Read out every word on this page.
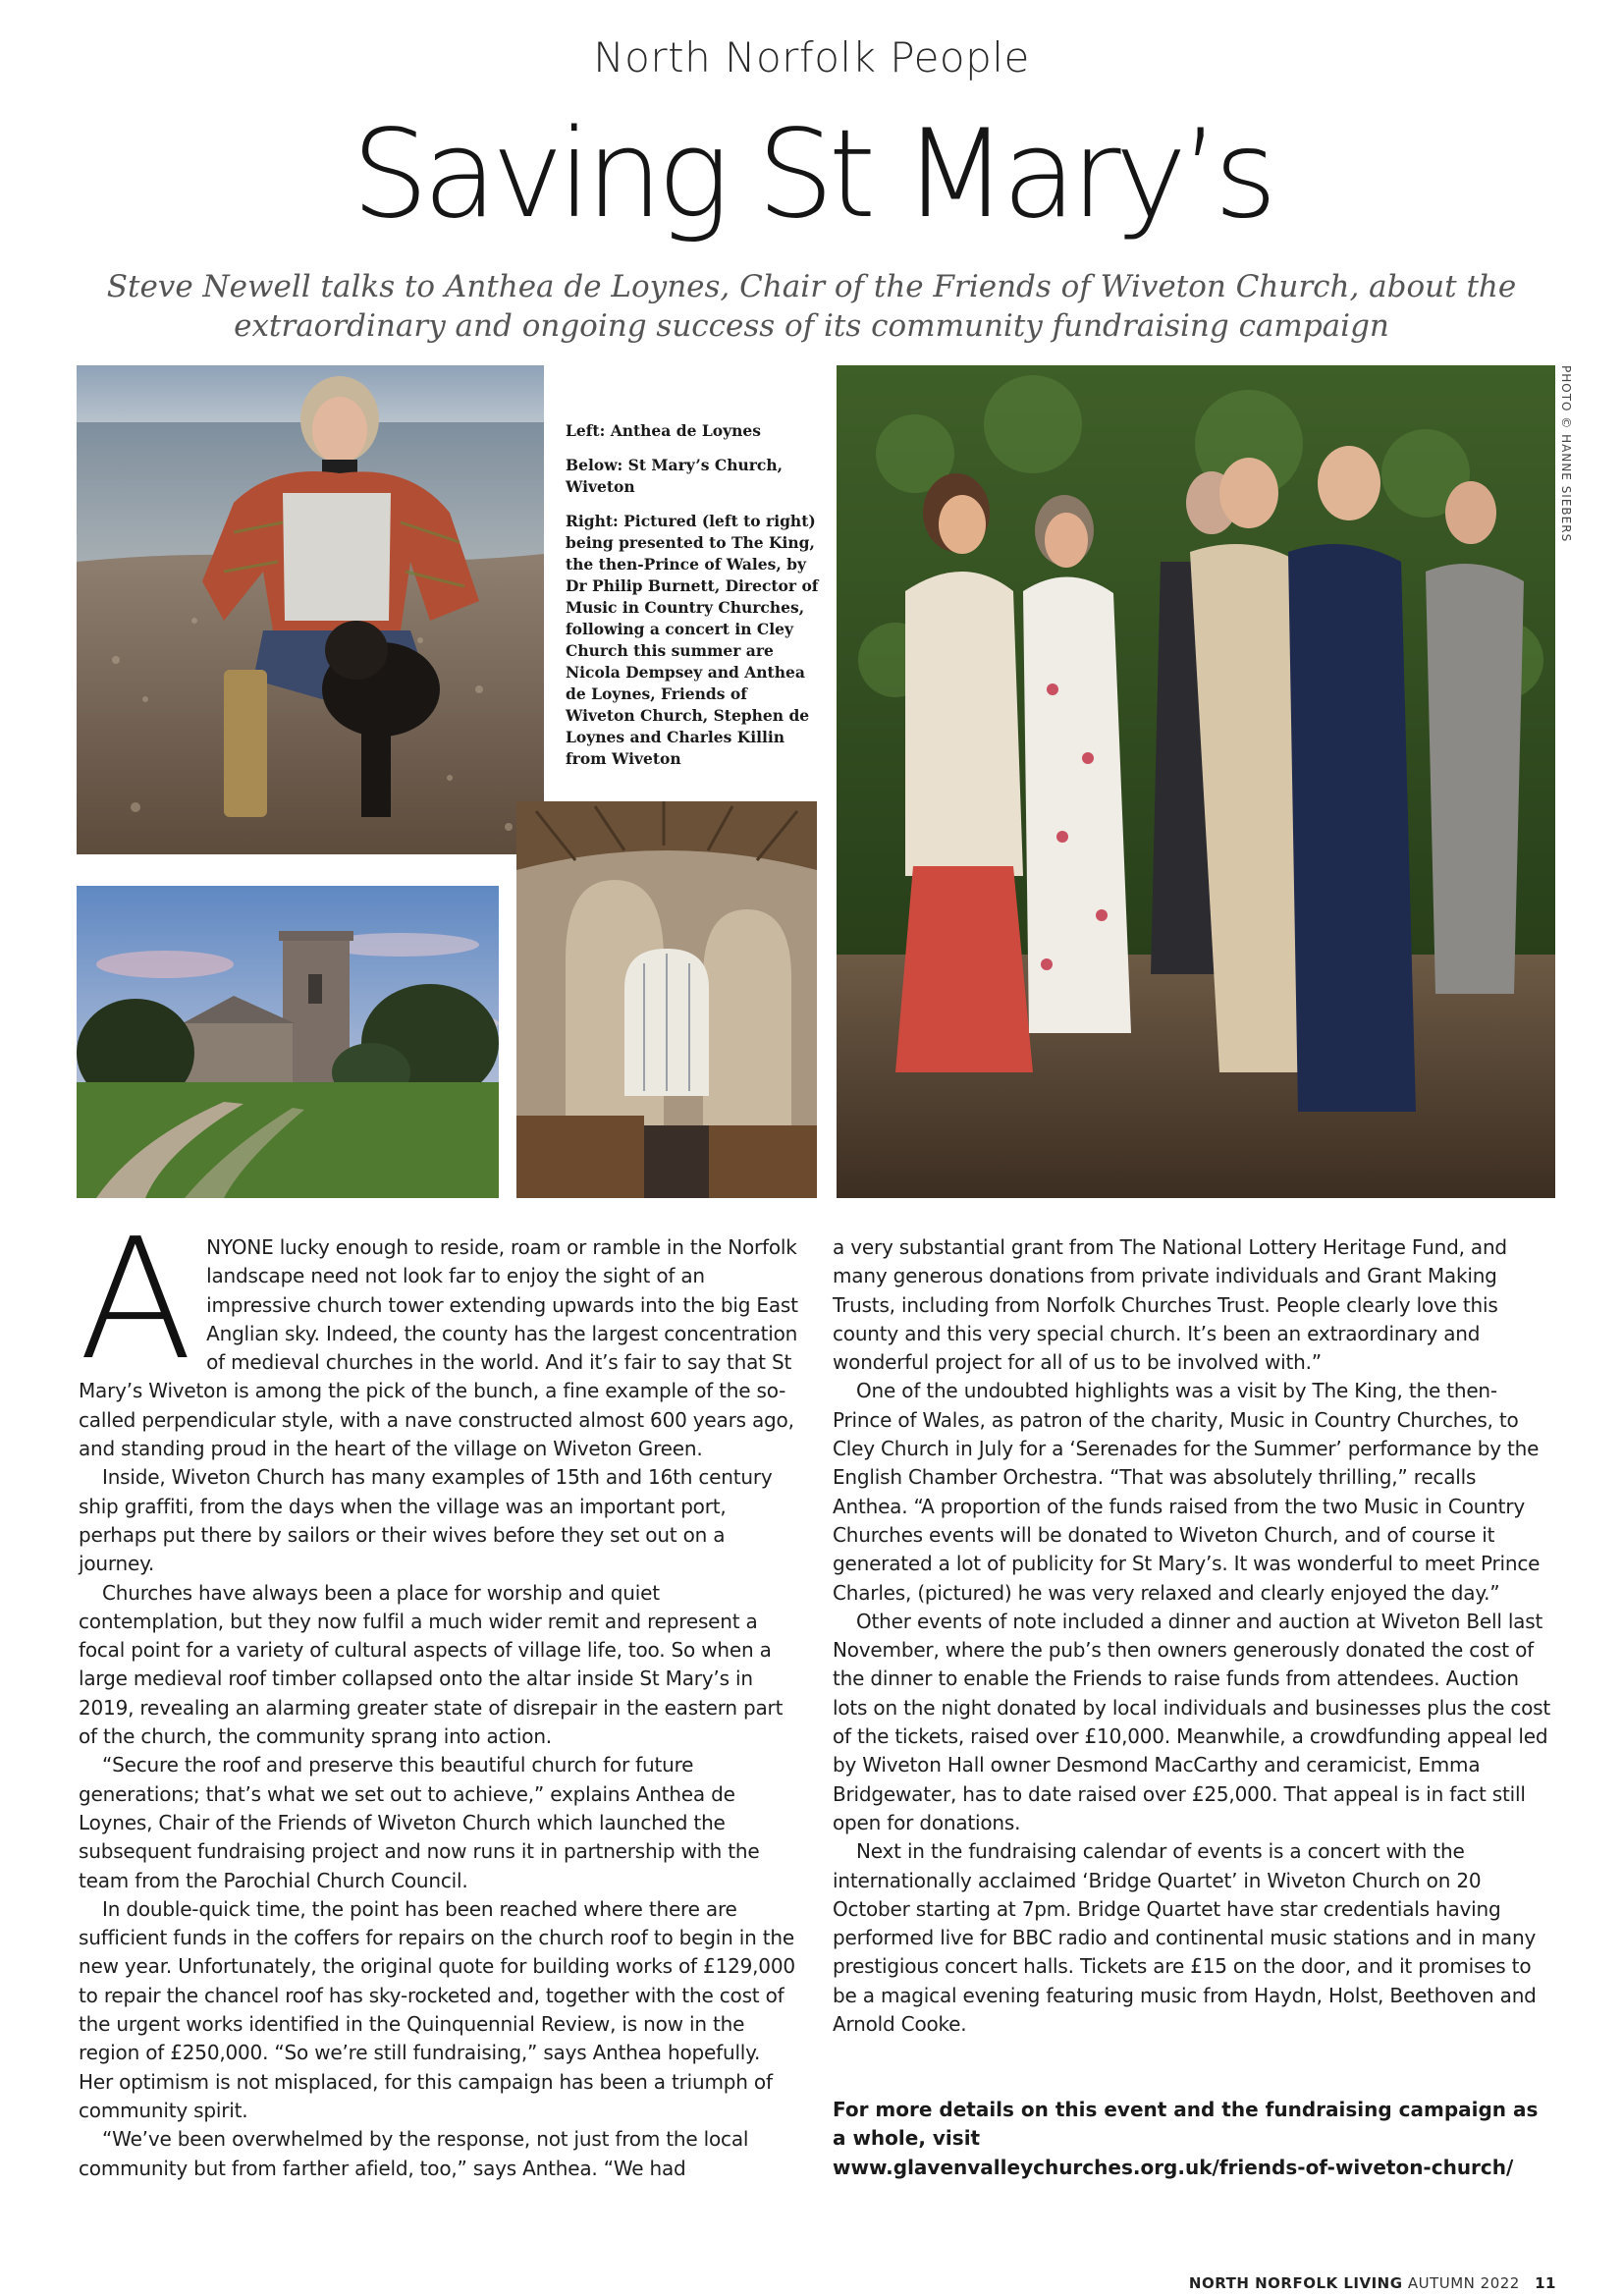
North Norfolk People
Saving St Mary’s
Steve Newell talks to Anthea de Loynes, Chair of the Friends of Wiveton Church, about the extraordinary and ongoing success of its community fundraising campaign

Left: Anthea de Loynes

Below: St Mary’s Church, Wiveton

Right: Pictured (left to right) being presented to The King, the then-Prince of Wales, by Dr Philip Burnett, Director of Music in Country Churches, following a concert in Cley Church this summer are Nicola Dempsey and Anthea de Loynes, Friends of Wiveton Church, Stephen de Loynes and Charles Killin from Wiveton

PHOTO © HANNE SIEBERS

ANYONE lucky enough to reside, roam or ramble in the Norfolk landscape need not look far to enjoy the sight of an impressive church tower extending upwards into the big East Anglian sky. Indeed, the county has the largest concentration of medieval churches in the world. And it’s fair to say that St Mary’s Wiveton is among the pick of the bunch, a fine example of the so-called perpendicular style, with a nave constructed almost 600 years ago, and standing proud in the heart of the village on Wiveton Green.

Inside, Wiveton Church has many examples of 15th and 16th century ship graffiti, from the days when the village was an important port, perhaps put there by sailors or their wives before they set out on a journey.

Churches have always been a place for worship and quiet contemplation, but they now fulfil a much wider remit and represent a focal point for a variety of cultural aspects of village life, too. So when a large medieval roof timber collapsed onto the altar inside St Mary’s in 2019, revealing an alarming greater state of disrepair in the eastern part of the church, the community sprang into action.

“Secure the roof and preserve this beautiful church for future generations; that’s what we set out to achieve,” explains Anthea de Loynes, Chair of the Friends of Wiveton Church which launched the subsequent fundraising project and now runs it in partnership with the team from the Parochial Church Council.

In double-quick time, the point has been reached where there are sufficient funds in the coffers for repairs on the church roof to begin in the new year. Unfortunately, the original quote for building works of £129,000 to repair the chancel roof has sky-rocketed and, together with the cost of the urgent works identified in the Quinquennial Review, is now in the region of £250,000. “So we’re still fundraising,” says Anthea hopefully. Her optimism is not misplaced, for this campaign has been a triumph of community spirit.

“We’ve been overwhelmed by the response, not just from the local community but from farther afield, too,” says Anthea. “We had

a very substantial grant from The National Lottery Heritage Fund, and many generous donations from private individuals and Grant Making Trusts, including from Norfolk Churches Trust. People clearly love this county and this very special church. It’s been an extraordinary and wonderful project for all of us to be involved with.”

One of the undoubted highlights was a visit by The King, the then-Prince of Wales, as patron of the charity, Music in Country Churches, to Cley Church in July for a ‘Serenades for the Summer’ performance by the English Chamber Orchestra. “That was absolutely thrilling,” recalls Anthea. “A proportion of the funds raised from the two Music in Country Churches events will be donated to Wiveton Church, and of course it generated a lot of publicity for St Mary’s. It was wonderful to meet Prince Charles, (pictured) he was very relaxed and clearly enjoyed the day.”

Other events of note included a dinner and auction at Wiveton Bell last November, where the pub’s then owners generously donated the cost of the dinner to enable the Friends to raise funds from attendees. Auction lots on the night donated by local individuals and businesses plus the cost of the tickets, raised over £10,000. Meanwhile, a crowdfunding appeal led by Wiveton Hall owner Desmond MacCarthy and ceramicist, Emma Bridgewater, has to date raised over £25,000. That appeal is in fact still open for donations.

Next in the fundraising calendar of events is a concert with the internationally acclaimed ‘Bridge Quartet’ in Wiveton Church on 20 October starting at 7pm. Bridge Quartet have star credentials having performed live for BBC radio and continental music stations and in many prestigious concert halls. Tickets are £15 on the door, and it promises to be a magical evening featuring music from Haydn, Holst, Beethoven and Arnold Cooke.

For more details on this event and the fundraising campaign as a whole, visit
www.glavenvalleychurches.org.uk/friends-of-wiveton-church/
NORTH NORFOLK LIVING AUTUMN 2022 11
